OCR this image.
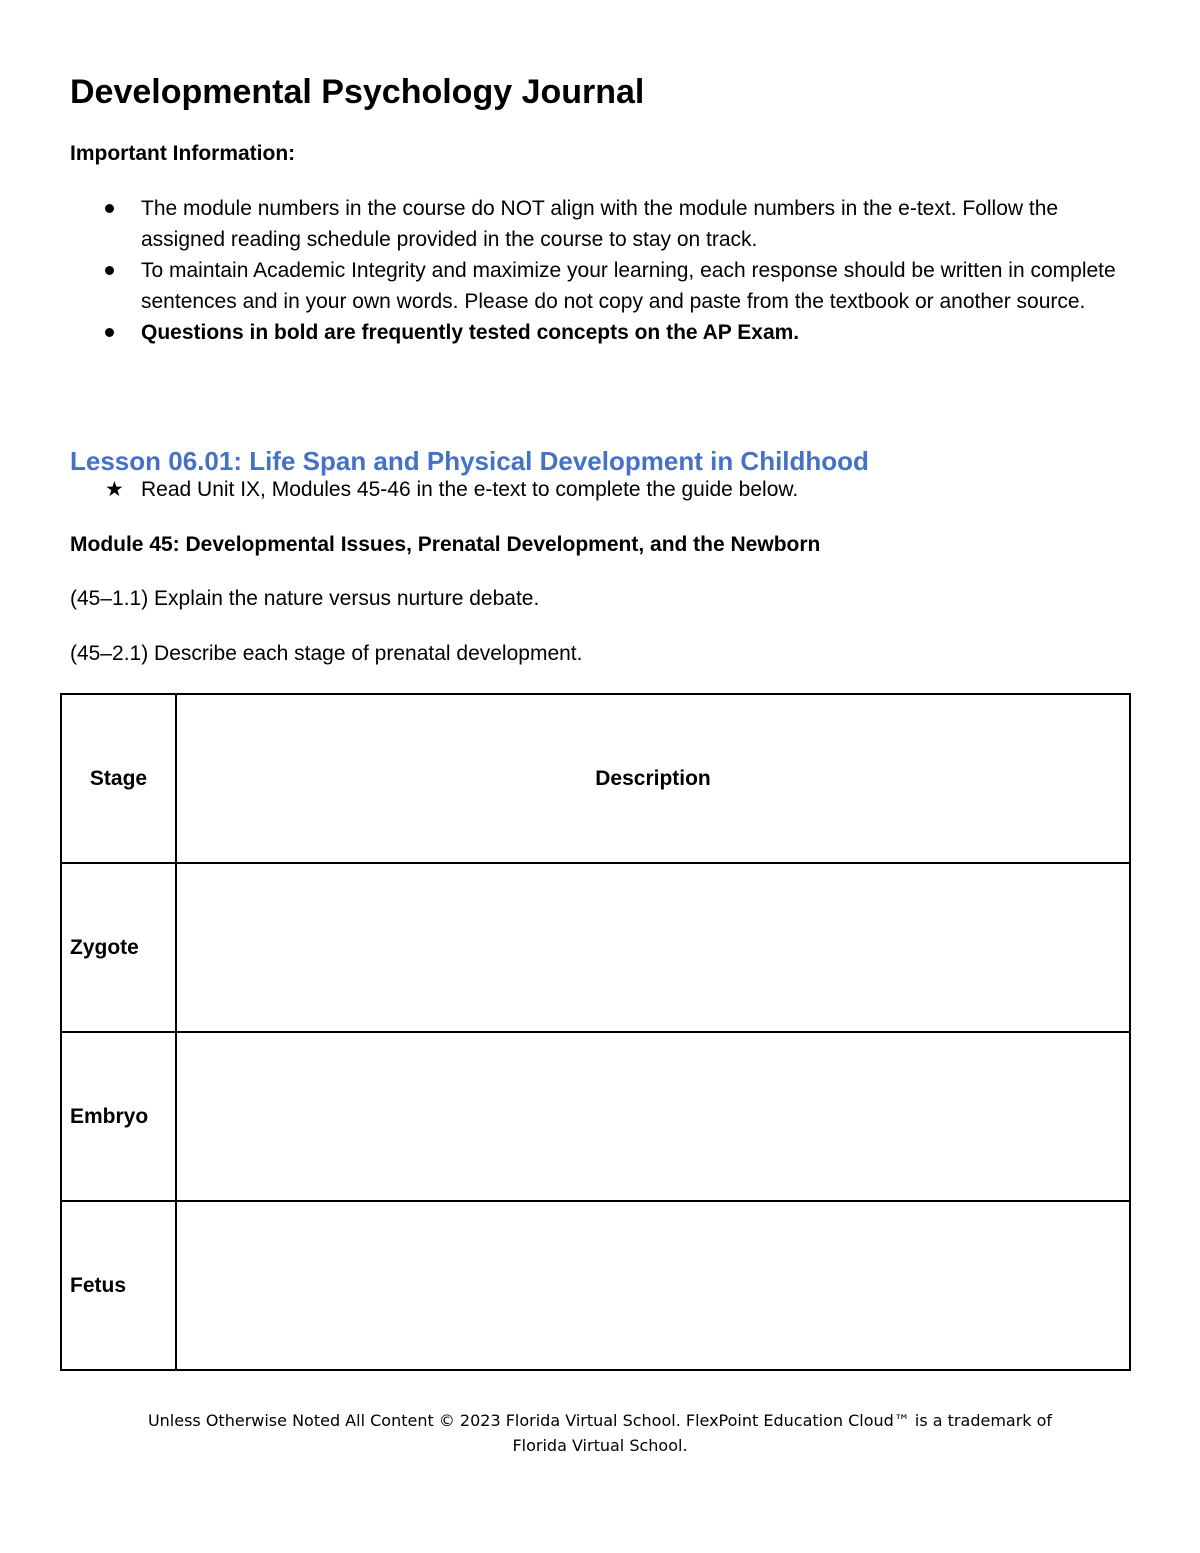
Developmental Psychology Journal

Important Information:

The module numbers in the course do NOT align with the module numbers in the e-text. Follow the assigned reading schedule provided in the course to stay on track.
To maintain Academic Integrity and maximize your learning, each response should be written in complete sentences and in your own words. Please do not copy and paste from the textbook or another source.
Questions in bold are frequently tested concepts on the AP Exam.
Lesson 06.01: Life Span and Physical Development in Childhood
★ Read Unit IX, Modules 45-46 in the e-text to complete the guide below.
Module 45: Developmental Issues, Prenatal Development, and the Newborn

(45–1.1) Explain the nature versus nurture debate.

(45–2.1) Describe each stage of prenatal development.

Stage	Description
Zygote	
Embryo	
Fetus	
Unless Otherwise Noted All Content © 2023 Florida Virtual School. FlexPoint Education Cloud™ is a trademark of
Florida Virtual School.
